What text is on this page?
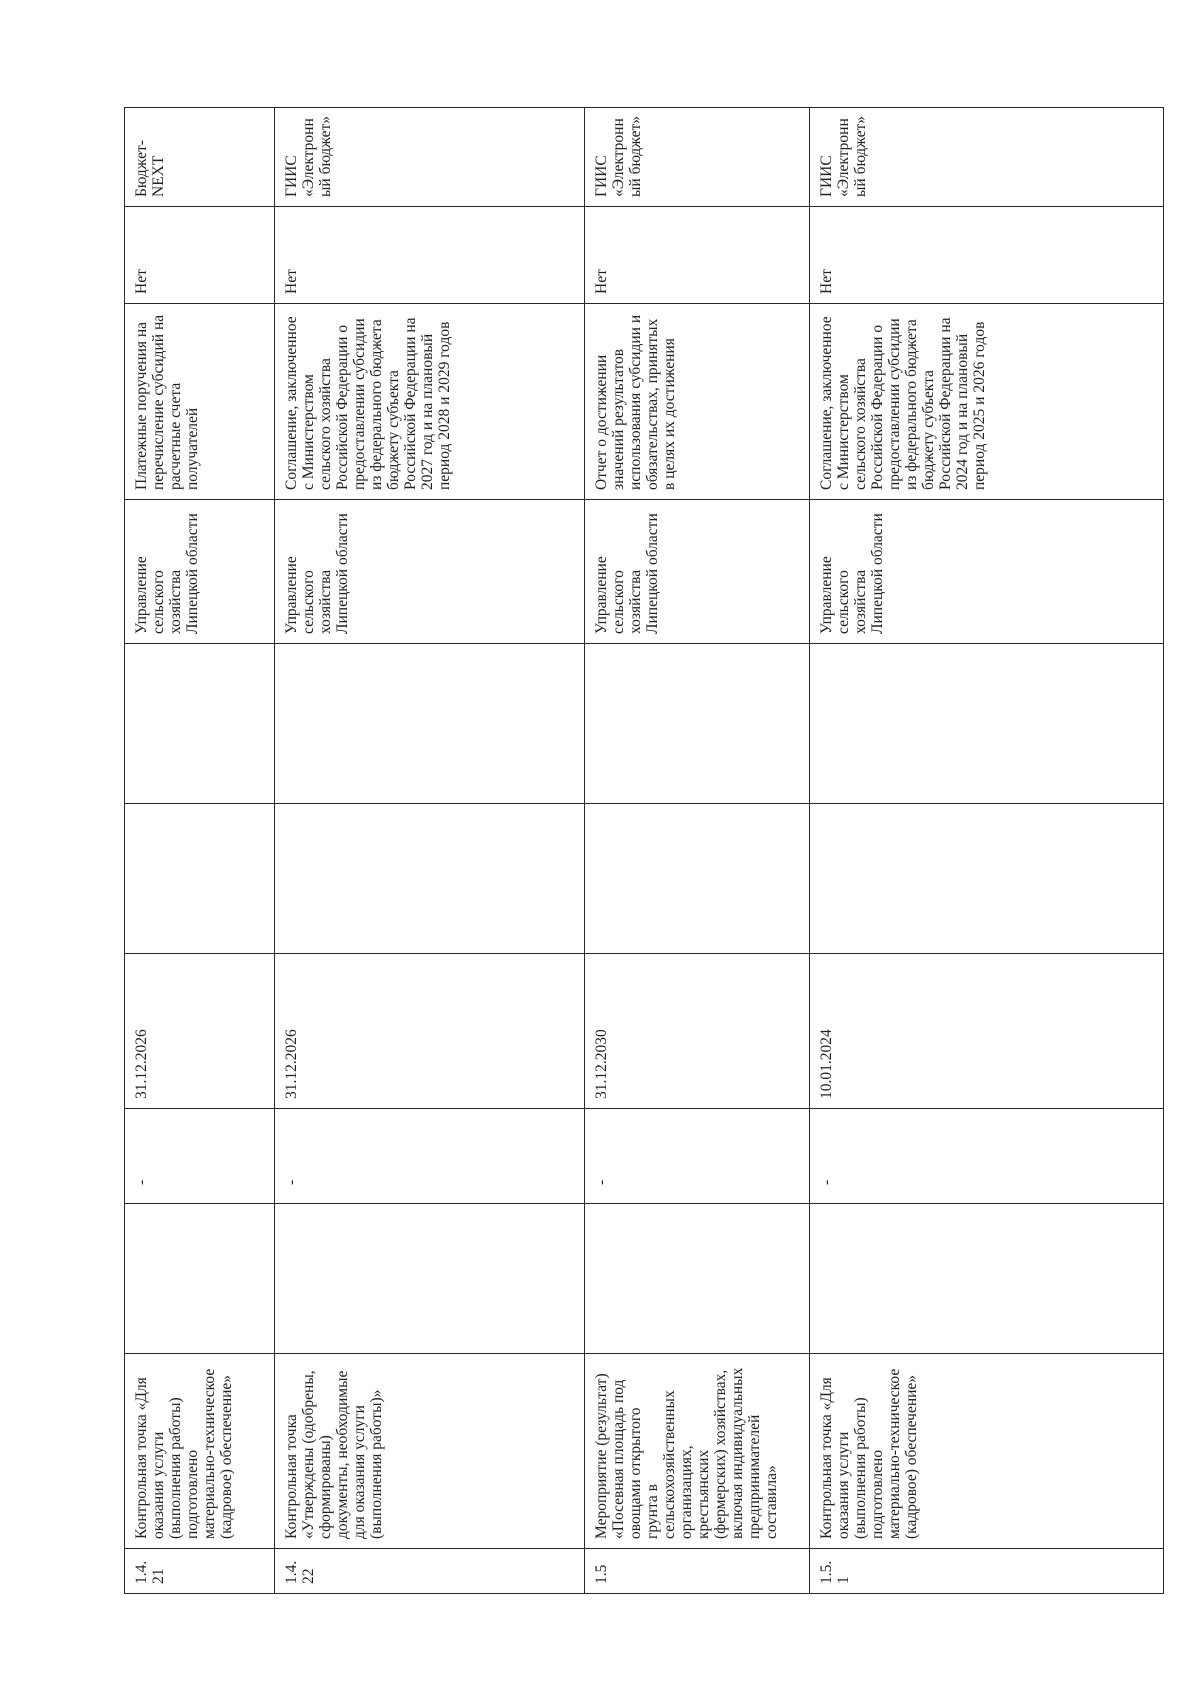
1.4.21	Контрольная точка «Для оказания услуги (выполнения работы) подготовлено материально-техническое (кадровое) обеспечение»		-	31.12.2026			Управление сельского хозяйства Липецкой области	Платежные поручения на перечисление субсидий на расчетные счета получателей	Нет	Бюджет-NEXT

1.4.22	Контрольная точка «Утверждены (одобрены, сформированы) документы, необходимые для оказания услуги (выполнения работы)»		-	31.12.2026			Управление сельского хозяйства Липецкой области	Соглашение, заключенное с Министерством сельского хозяйства Российской Федерации о предоставлении субсидии из федерального бюджета бюджету субъекта Российской Федерации на 2027 год и на плановый период 2028 и 2029 годов	Нет	ГИИС «Электронный бюджет»

1.5	Мероприятие (результат) «Посевная площадь под овощами открытого грунта в сельскохозяйственных организациях, крестьянских (фермерских) хозяйствах, включая индивидуальных предпринимателей составила»		-	31.12.2030			Управление сельского хозяйства Липецкой области	Отчет о достижении значений результатов использования субсидии и обязательствах, принятых в целях их достижения	Нет	ГИИС «Электронный бюджет»

1.5.1	Контрольная точка «Для оказания услуги (выполнения работы) подготовлено материально-техническое (кадровое) обеспечение»		-	10.01.2024			Управление сельского хозяйства Липецкой области	Соглашение, заключенное с Министерством сельского хозяйства Российской Федерации о предоставлении субсидии из федерального бюджета бюджету субъекта Российской Федерации на 2024 год и на плановый период 2025 и 2026 годов	Нет	ГИИС «Электронный бюджет»
